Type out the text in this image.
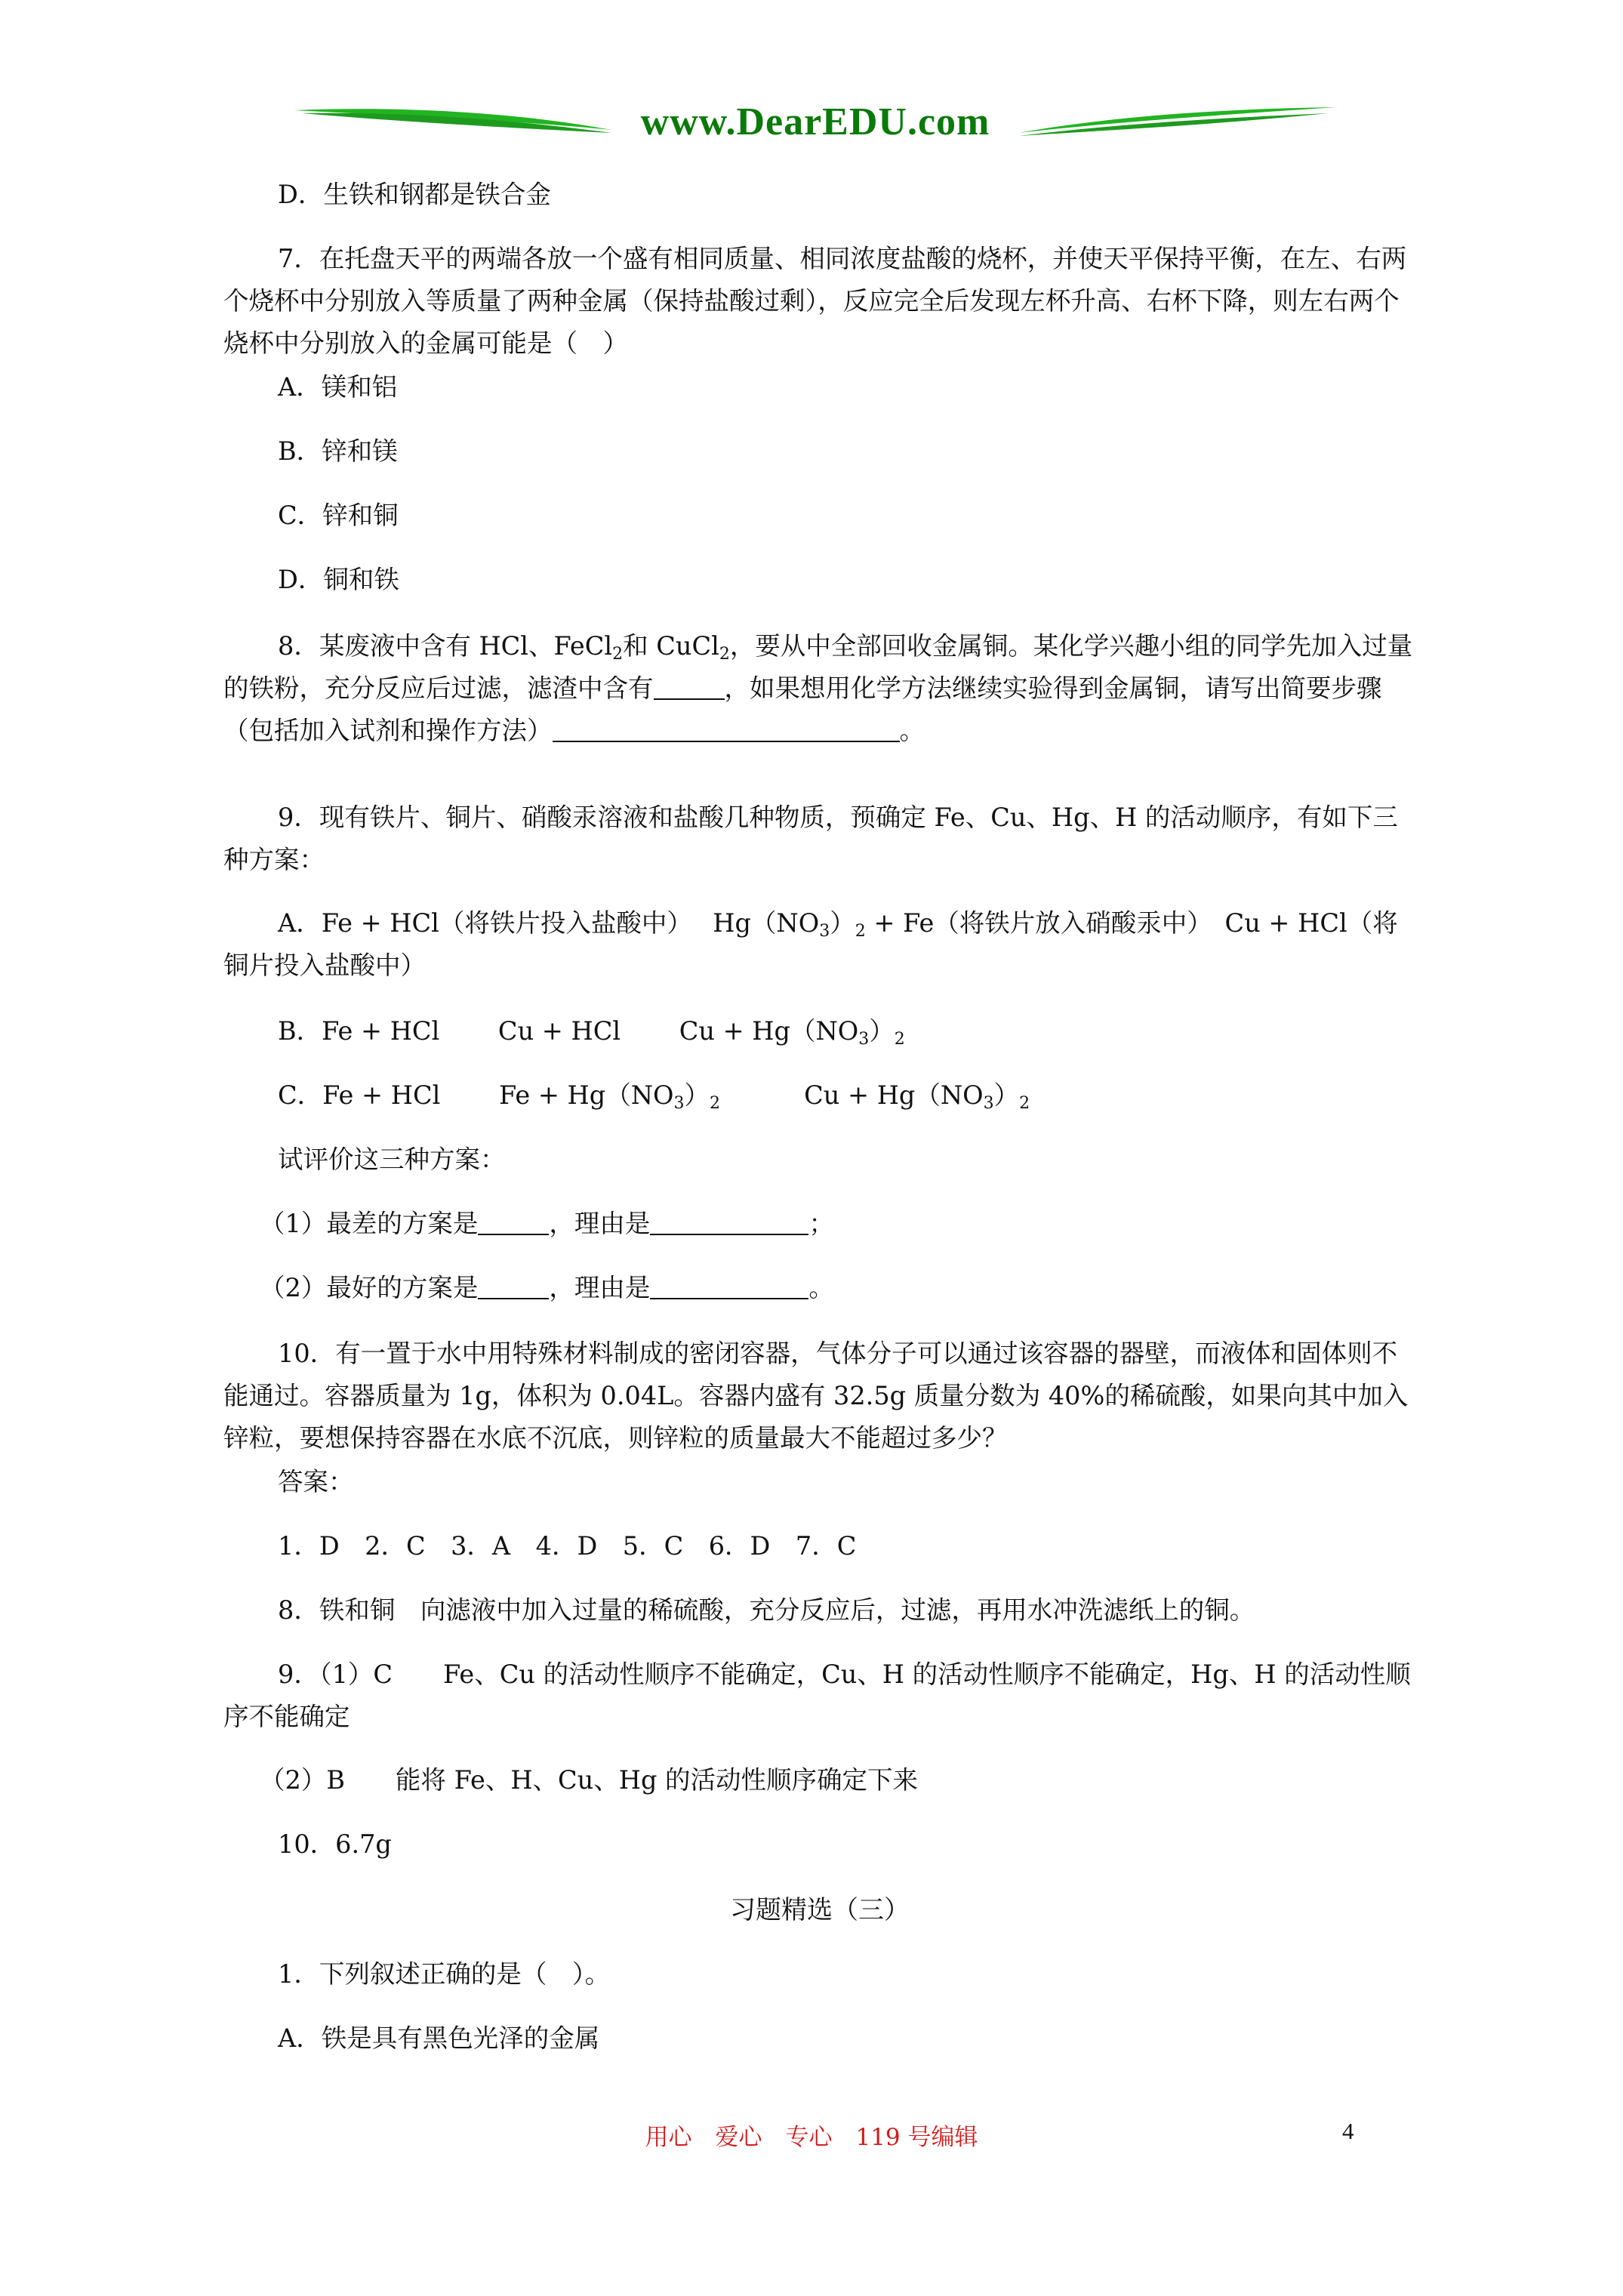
www.DearEDU.com

D．生铁和钢都是铁合金

7．在托盘天平的两端各放一个盛有相同质量、相同浓度盐酸的烧杯，并使天平保持平衡，在左、右两个烧杯中分别放入等质量了两种金属（保持盐酸过剩），反应完全后发现左杯升高、右杯下降，则左右两个烧杯中分别放入的金属可能是（　）

A．镁和铝

B．锌和镁

C．锌和铜

D．铜和铁

8．某废液中含有 HCl、FeCl$_2$和 CuCl$_2$，要从中全部回收金属铜。某化学兴趣小组的同学先加入过量的铁粉，充分反应后过滤，滤渣中含有	，如果想用化学方法继续实验得到金属铜，请写出简要步骤（包括加入试剂和操作方法）	。

9．现有铁片、铜片、硝酸汞溶液和盐酸几种物质，预确定 Fe、Cu、Hg、H 的活动顺序，有如下三种方案：

A．Fe + HCl（将铁片投入盐酸中）　 $Hg(NO_3)_2 + Fe$（将铁片放入硝酸汞中）　Cu + HCl（将铜片投入盐酸中）

B．Fe + HCl　　 Cu + HCl　　 $Cu + Hg(NO_3)_2$

C．Fe + HCl　　 $Fe + Hg(NO_3)_2$　　　 $Cu + Hg(NO_3)_2$

试评价这三种方案：

（1）最差的方案是	，理由是	；

（2）最好的方案是	，理由是	。

10．有一置于水中用特殊材料制成的密闭容器，气体分子可以通过该容器的器壁，而液体和固体则不能通过。容器质量为 1g，体积为 0.04L。容器内盛有 32.5g 质量分数为 40%的稀硫酸，如果向其中加入锌粒，要想保持容器在水底不沉底，则锌粒的质量最大不能超过多少？

答案：

1．D　2．C　3．A　4．D　5．C　6．D　7．C

8．铁和铜　向滤液中加入过量的稀硫酸，充分反应后，过滤，再用水冲洗滤纸上的铜。

9．（1）C　　Fe、Cu 的活动性顺序不能确定，Cu、H 的活动性顺序不能确定，Hg、H 的活动性顺序不能确定

（2）B　　能将 Fe、H、Cu、Hg 的活动性顺序确定下来

10．6.7g

习题精选（三）

1．下列叙述正确的是（　）。

A．铁是具有黑色光泽的金属

用心　爱心　专心　119 号编辑	4
